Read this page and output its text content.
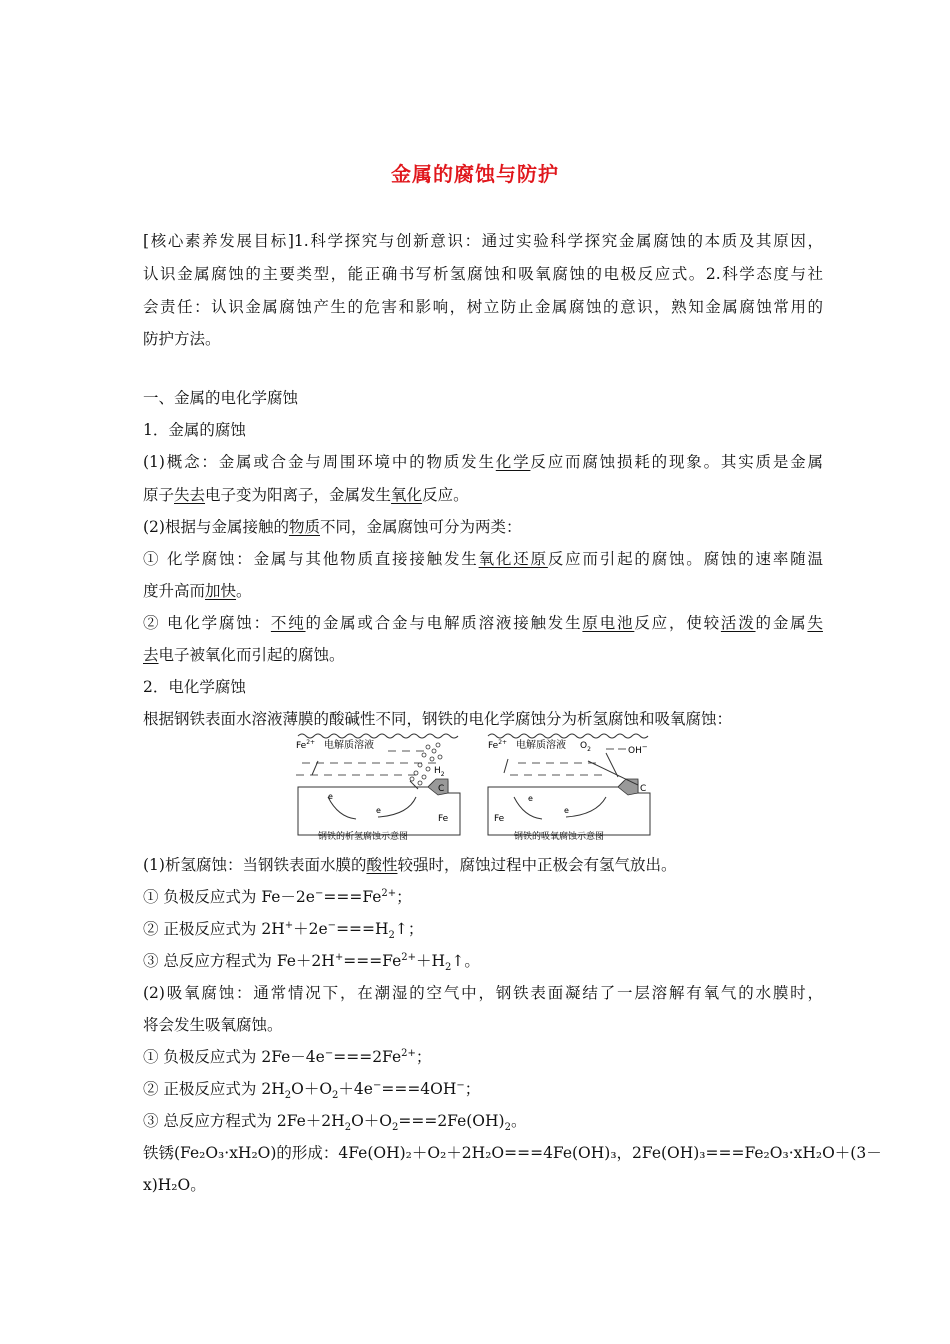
金属的腐蚀与防护
[核心素养发展目标]1.科学探究与创新意识：通过实验科学探究金属腐蚀的本质及其原因，
认识金属腐蚀的主要类型，能正确书写析氢腐蚀和吸氧腐蚀的电极反应式。2.科学态度与社
会责任：认识金属腐蚀产生的危害和影响，树立防止金属腐蚀的意识，熟知金属腐蚀常用的
防护方法。
一、金属的电化学腐蚀
1．金属的腐蚀
(1)概念：金属或合金与周围环境中的物质发生化学反应而腐蚀损耗的现象。其实质是金属
原子失去电子变为阳离子，金属发生氧化反应。
(2)根据与金属接触的物质不同，金属腐蚀可分为两类：
① 化学腐蚀：金属与其他物质直接接触发生氧化还原反应而引起的腐蚀。腐蚀的速率随温
度升高而加快。
② 电化学腐蚀：不纯的金属或合金与电解质溶液接触发生原电池反应，使较活泼的金属失
去电子被氧化而引起的腐蚀。
2．电化学腐蚀
根据钢铁表面水溶液薄膜的酸碱性不同，钢铁的电化学腐蚀分为析氢腐蚀和吸氧腐蚀：
$Fe^{2+}$ 电解质溶液
$H_2$
C
Fe
e
e
钢铁的析氢腐蚀示意图
$Fe^{2+}$ 电解质溶液 $O_2$	OH−
C
Fe
e
e
钢铁的吸氧腐蚀示意图
(1)析氢腐蚀：当钢铁表面水膜的酸性较强时，腐蚀过程中正极会有氢气放出。
① 负极反应式为 $Fe-2e^-===Fe^{2+}$；
② 正极反应式为 $2H^++2e^-===H_2↑$；
③ 总反应方程式为 $Fe+2H^+===Fe^{2+}+H_2↑$。
(2)吸氧腐蚀：通常情况下，在潮湿的空气中，钢铁表面凝结了一层溶解有氧气的水膜时，
将会发生吸氧腐蚀。
① 负极反应式为 $2Fe-4e^-===2Fe^{2+}$；
② 正极反应式为 $2H_2O+O_2+4e^-===4OH^-$；
③ 总反应方程式为 $2Fe+2H_2O+O_2===2Fe(OH)_2$。
铁锈(Fe₂O₃·xH₂O)的形成：4Fe(OH)₂＋O₂＋2H₂O===4Fe(OH)₃，2Fe(OH)₃===Fe₂O₃·xH₂O＋(3－
x)H₂O。
